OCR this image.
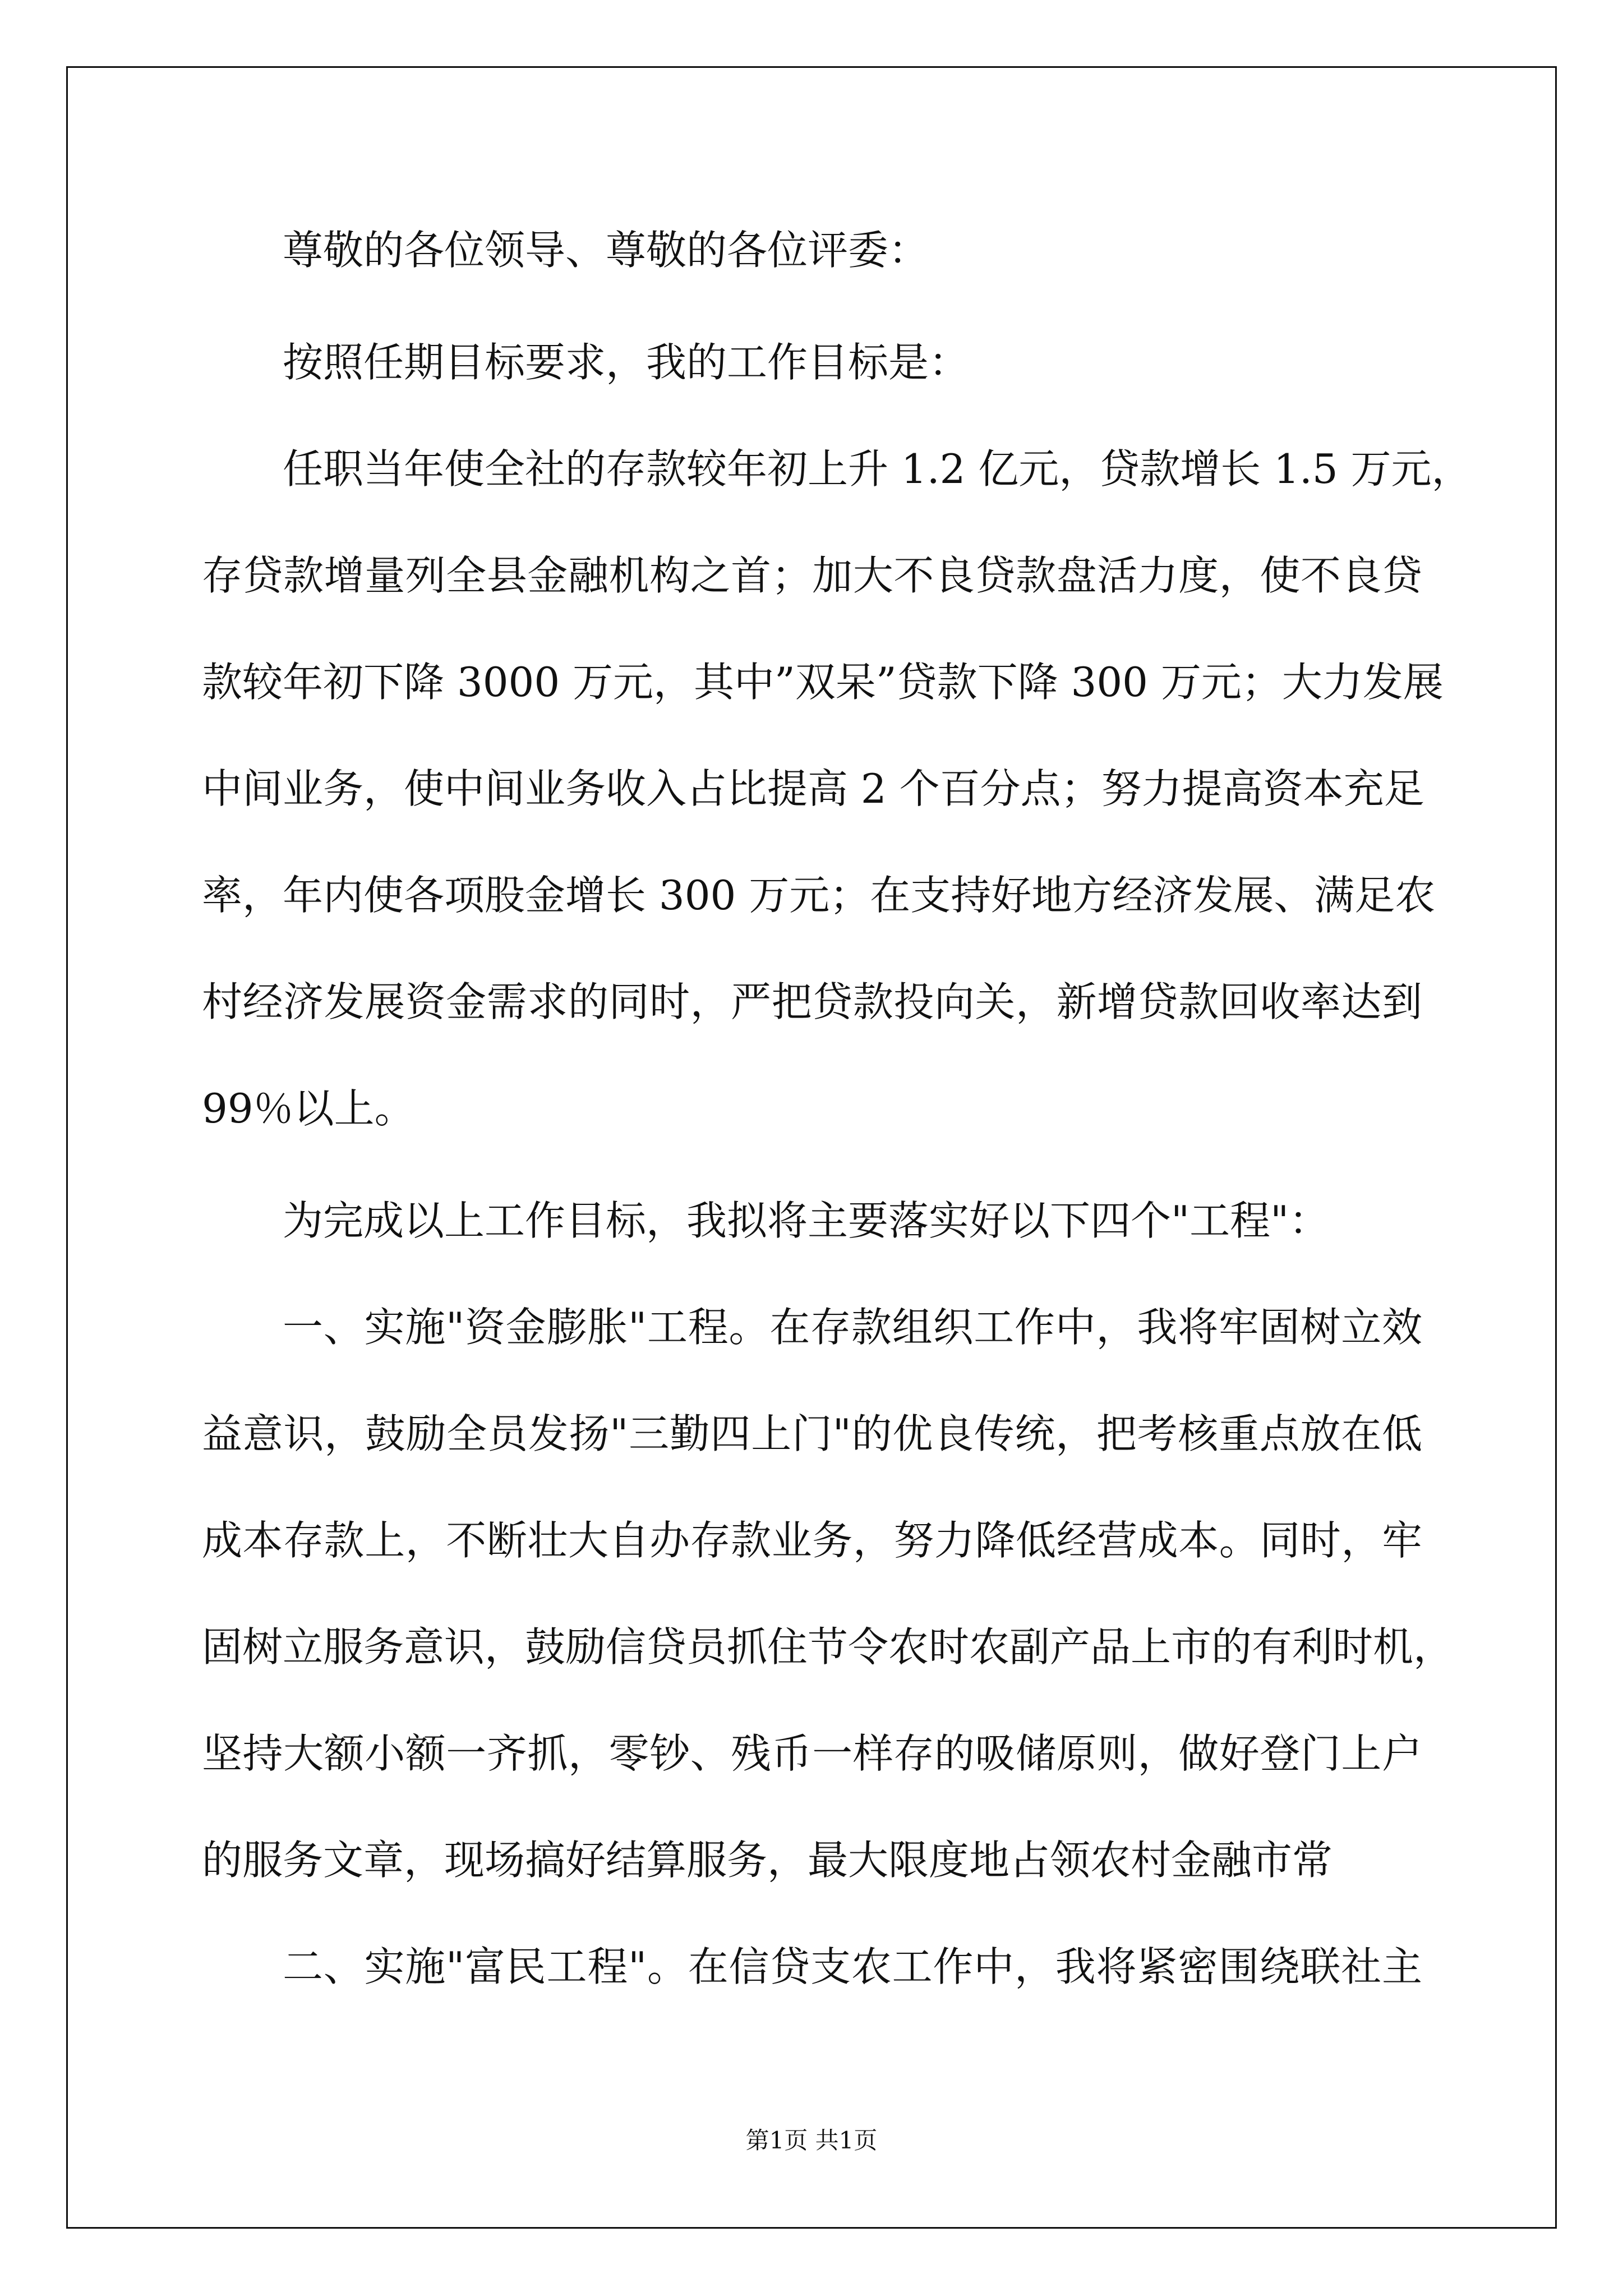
尊敬的各位领导、尊敬的各位评委：
按照任期目标要求，我的工作目标是：
任职当年使全社的存款较年初上升 1.2 亿元，贷款增长 1.5 万元，
存贷款增量列全县金融机构之首；加大不良贷款盘活力度，使不良贷
款较年初下降 3000 万元，其中”双呆”贷款下降 300 万元；大力发展
中间业务，使中间业务收入占比提高 2 个百分点；努力提高资本充足
率，年内使各项股金增长 300 万元；在支持好地方经济发展、满足农
村经济发展资金需求的同时，严把贷款投向关，新增贷款回收率达到
99％以上。
为完成以上工作目标，我拟将主要落实好以下四个"工程"：
一、实施"资金膨胀"工程。在存款组织工作中，我将牢固树立效
益意识，鼓励全员发扬"三勤四上门"的优良传统，把考核重点放在低
成本存款上，不断壮大自办存款业务，努力降低经营成本。同时，牢
固树立服务意识，鼓励信贷员抓住节令农时农副产品上市的有利时机，
坚持大额小额一齐抓，零钞、残币一样存的吸储原则，做好登门上户
的服务文章，现场搞好结算服务，最大限度地占领农村金融市常
二、实施"富民工程"。在信贷支农工作中，我将紧密围绕联社主
第1页 共1页
